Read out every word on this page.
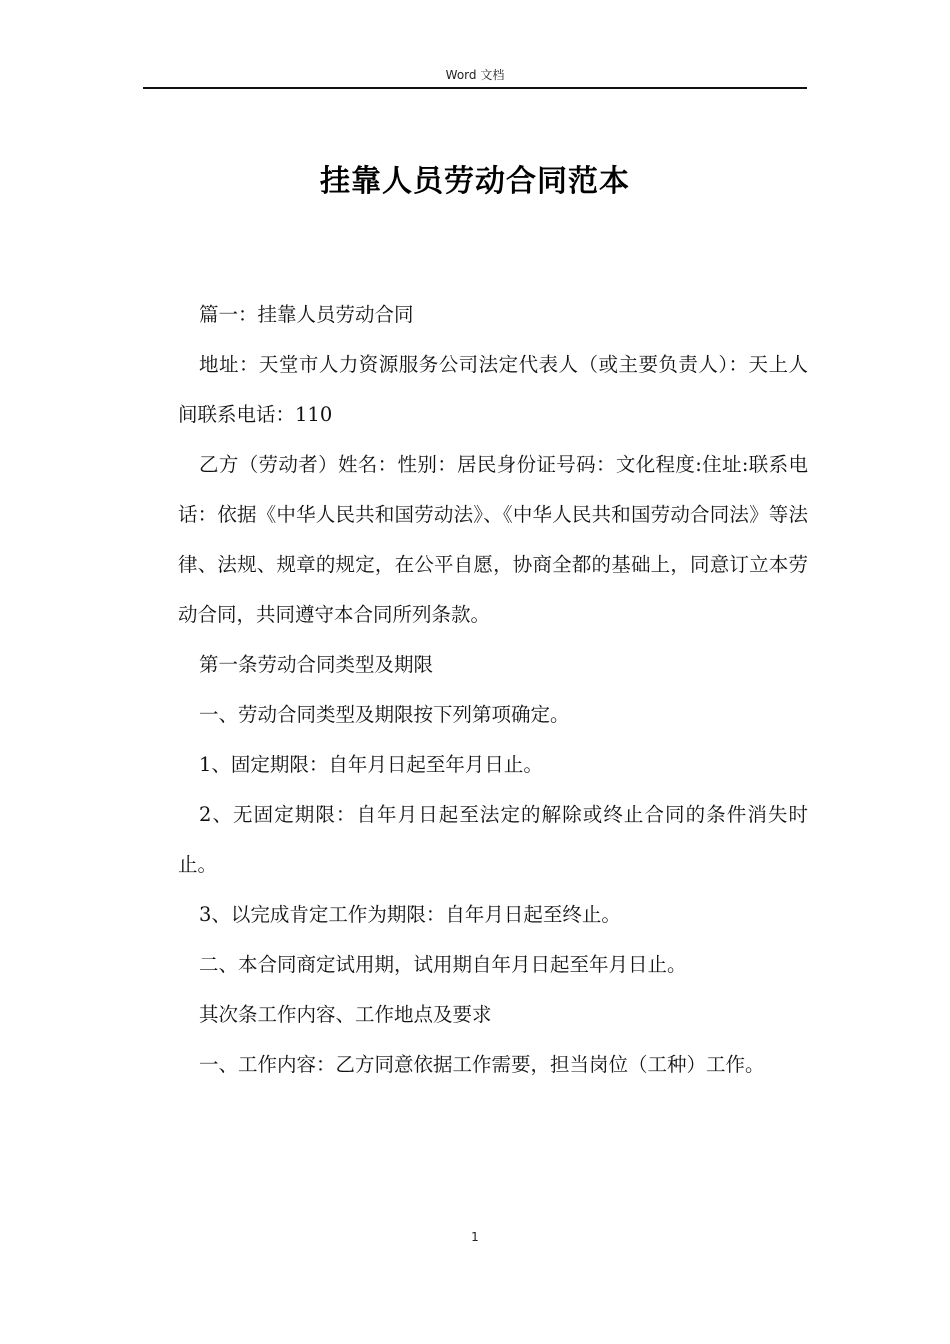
Word 文档
挂靠人员劳动合同范本

篇一：挂靠人员劳动合同

地址：天堂市人力资源服务公司法定代表人（或主要负责人）：天上人间联系电话：110

乙方（劳动者）姓名：性别：居民身份证号码：文化程度:住址:联系电话：依据《中华人民共和国劳动法》、《中华人民共和国劳动合同法》等法律、法规、规章的规定，在公平自愿，协商全都的基础上，同意订立本劳动合同，共同遵守本合同所列条款。

第一条劳动合同类型及期限

一、劳动合同类型及期限按下列第项确定。

1、固定期限：自年月日起至年月日止。

2、无固定期限：自年月日起至法定的解除或终止合同的条件消失时止。

3、以完成肯定工作为期限：自年月日起至终止。

二、本合同商定试用期，试用期自年月日起至年月日止。

其次条工作内容、工作地点及要求

一、工作内容：乙方同意依据工作需要，担当岗位（工种）工作。

1
